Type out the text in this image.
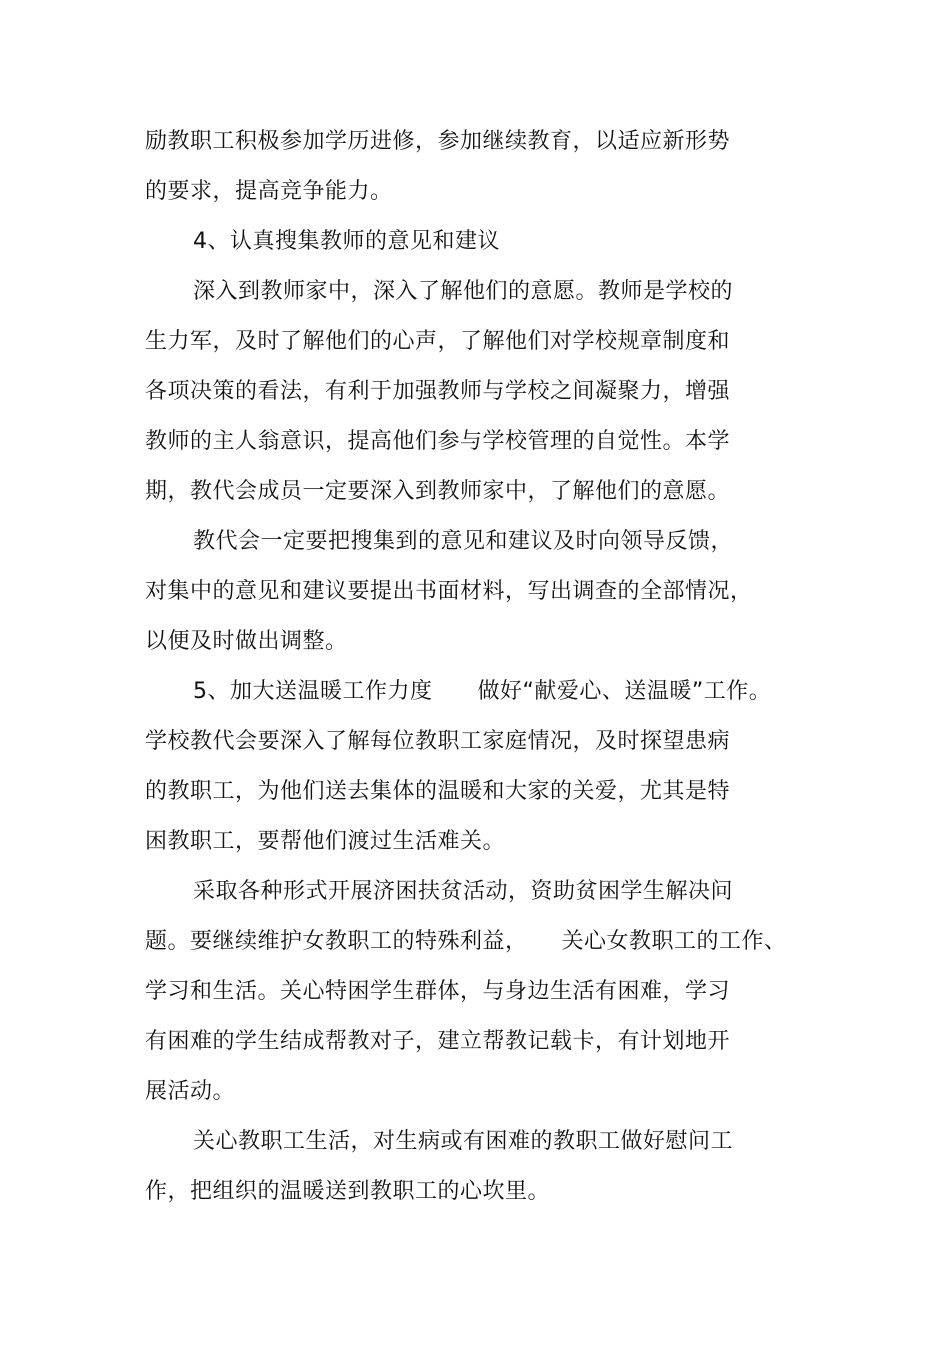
励教职工积极参加学历进修，参加继续教育，以适应新形势
的要求，提高竞争能力。
4、认真搜集教师的意见和建议
深入到教师家中，深入了解他们的意愿。教师是学校的
生力军，及时了解他们的心声，了解他们对学校规章制度和
各项决策的看法，有利于加强教师与学校之间凝聚力，增强
教师的主人翁意识，提高他们参与学校管理的自觉性。本学
期，教代会成员一定要深入到教师家中，了解他们的意愿。
教代会一定要把搜集到的意见和建议及时向领导反馈，
对集中的意见和建议要提出书面材料，写出调查的全部情况，
以便及时做出调整。
5、加大送温暖工作力度　　做好“献爱心、送温暖”工作。
学校教代会要深入了解每位教职工家庭情况，及时探望患病
的教职工，为他们送去集体的温暖和大家的关爱，尤其是特
困教职工，要帮他们渡过生活难关。
采取各种形式开展济困扶贫活动，资助贫困学生解决问
题。要继续维护女教职工的特殊利益，　　关心女教职工的工作、
学习和生活。关心特困学生群体，与身边生活有困难，学习
有困难的学生结成帮教对子，建立帮教记载卡，有计划地开
展活动。
关心教职工生活，对生病或有困难的教职工做好慰问工
作，把组织的温暖送到教职工的心坎里。
